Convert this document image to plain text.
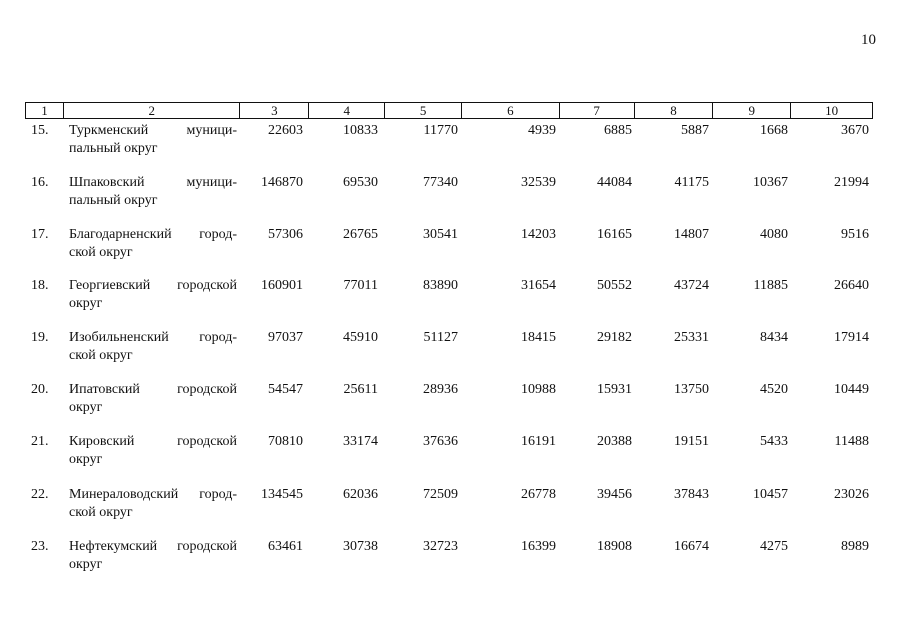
10
1	2	3	4	5	6	7	8	9	10
15.	Туркменский муници-
пальный округ
22603	10833	11770	4939	6885	5887	1668	3670
16.	Шпаковский муници-
пальный округ
146870	69530	77340	32539	44084	41175	10367	21994
17.	Благодарненский город-
ской округ
57306	26765	30541	14203	16165	14807	4080	9516
18.	Георгиевский городской
округ
160901	77011	83890	31654	50552	43724	11885	26640
19.	Изобильненский город-
ской округ
97037	45910	51127	18415	29182	25331	8434	17914
20.	Ипатовский городской
округ
54547	25611	28936	10988	15931	13750	4520	10449
21.	Кировский городской
округ
70810	33174	37636	16191	20388	19151	5433	11488
22.	Минераловодский город-
ской округ
134545	62036	72509	26778	39456	37843	10457	23026
23.	Нефтекумский городской
округ
63461	30738	32723	16399	18908	16674	4275	8989
